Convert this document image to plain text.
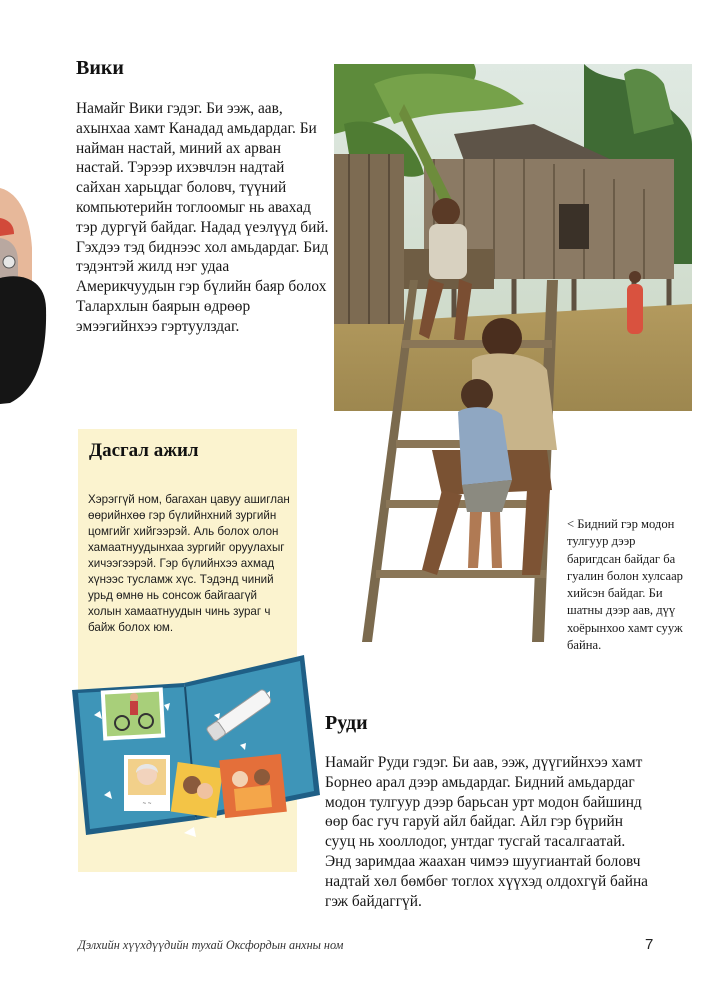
Вики

Намайг Вики гэдэг. Би ээж, аав, ахынхаа хамт Канадад амьдардаг. Би найман настай, миний ах арван настай. Тэрээр ихэвчлэн надтай сайхан харьцдаг боловч, түүний компьютерийн тоглоомыг нь авахад тэр дургүй байдаг. Надад үеэлүүд бий. Гэхдээ тэд биднээс хол амьдардаг. Бид тэдэнтэй жилд нэг удаа Америкчуудын гэр бүлийн баяр болох Талархлын баярын өдрөөр эмээгийнхээ гэртуулздаг.

< Бидний гэр модон тулгуур дээр баригдсан байдаг ба гуалин болон хулсаар хийсэн байдаг. Би шатны дээр аав, дүү хоёрынхоо хамт сууж байна.
Дасгал ажил

Хэрэггүй ном, багахан цавуу ашиглан өөрийнхөө гэр бүлийнхний зургийн цомгийг хийгээрэй. Аль болох олон хамаатнуудынхаа зургийг оруулахыг хичээгээрэй. Гэр бүлийнхээ ахмад хүнээс тусламж хүс. Тэдэнд чиний урьд өмнө нь сонсож байгаагүй холын хамаатнуудын чинь зураг ч байж болох юм.

~ ~
Руди

Намайг Руди гэдэг. Би аав, ээж, дүүгийнхээ хамт Борнео арал дээр амьдардаг. Бидний амьдардаг модон тулгуур дээр барьсан урт модон байшинд өөр бас гуч гаруй айл байдаг. Айл гэр бүрийн сууц нь хооллодог, унтдаг тусгай тасалгаатай. Энд заримдаа жаахан чимээ шуугиантай боловч надтай хөл бөмбөг тоглох хүүхэд олдохгүй байна гэж байдаггүй.

Дэлхийн хүүхдүүдийн тухай Оксфордын анхны ном	7
